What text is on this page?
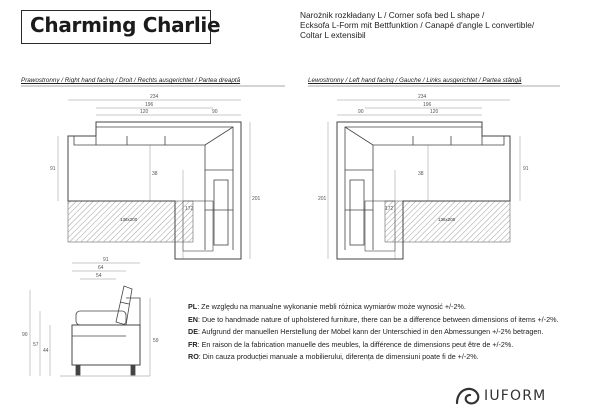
Charming Charlie	Narożnik rozkładany L / Corner sofa bed L shape /
Ecksofa L-Form mit Bettfunktion / Canapé d'angle L convertible/
Coltar L extensibil
Prawostronny / Right hand facing / Droit / Rechts ausgerichtet / Partea dreaptă	Lewostronny / Left hand facing / Gauche / Links ausgerichtet / Partea stângă
234
196
120	90
91
38
172
201
136x200
234
196
120
90
91
38
172
201
136x200
91
64
54
90
57
44
59
PL: Ze względu na manualne wykonanie mebli różnica wymiarów może wynosić +/-2%.
EN: Due to handmade nature of upholstered furniture, there can be a difference between dimensions of items +/-2%.
DE: Aufgrund der manuellen Herstellung der Möbel kann der Unterschied in den Abmessungen +/-2% betragen.
FR: En raison de la fabrication manuelle des meubles, la différence de dimensions peut être de +/-2%.
RO: Din cauza producției manuale a mobilierului, diferența de dimensiuni poate fi de +/-2%.
IUFORM
